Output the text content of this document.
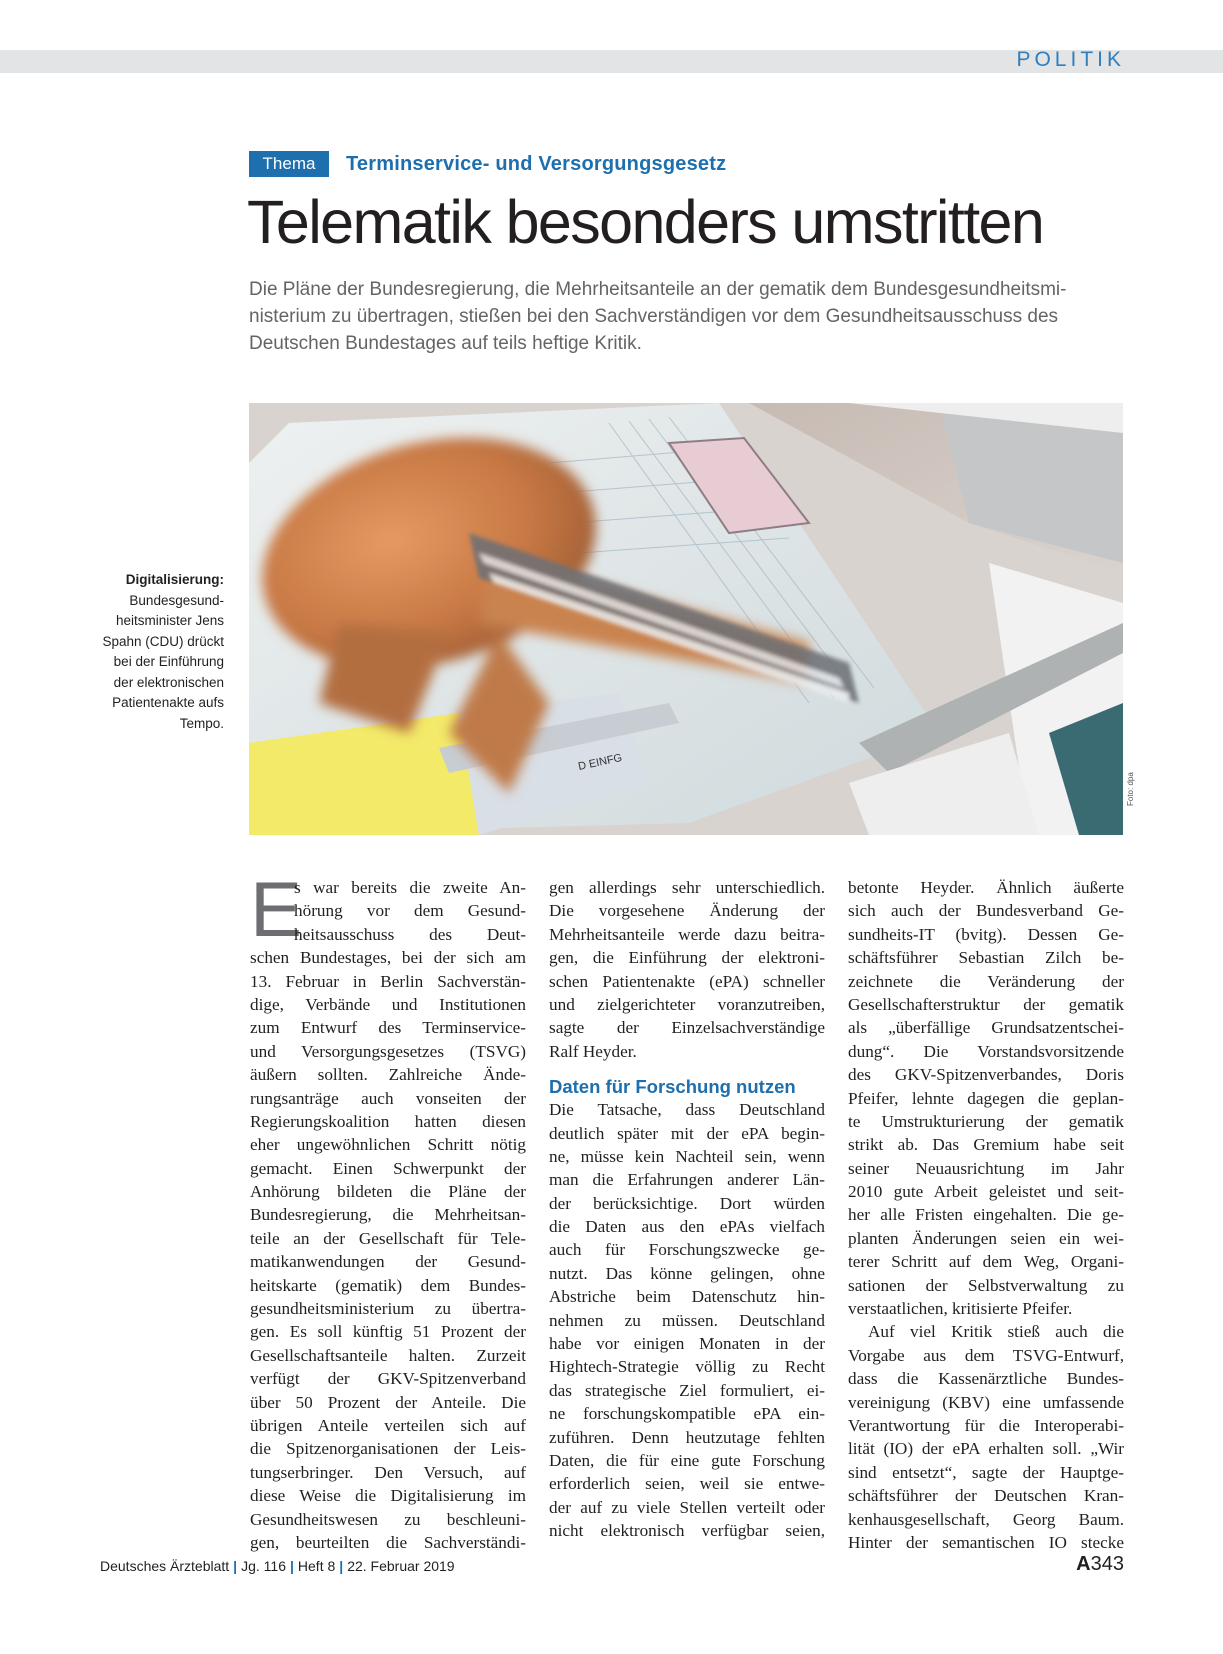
POLITIK
Thema	Terminservice- und Versorgungsgesetz
Telematik besonders umstritten
Die Pläne der Bundesregierung, die Mehrheitsanteile an der gematik dem Bundesgesundheitsmi-
nisterium zu übertragen, stießen bei den Sachverständigen vor dem Gesundheitsausschuss des
Deutschen Bundestages auf teils heftige Kritik.
D EINFG
Foto: dpa
Digitalisierung:
Bundesgesund-
heitsminister Jens
Spahn (CDU) drückt
bei der Einführung
der elektronischen
Patientenakte aufs
Tempo.
E
s war bereits die zweite An-
hörung vor dem Gesund-
heitsausschuss des Deut-
schen Bundestages, bei der sich am
13. Februar in Berlin Sachverstän-
dige, Verbände und Institutionen
zum Entwurf des Terminservice-
und Versorgungsgesetzes (TSVG)
äußern sollten. Zahlreiche Ände-
rungsanträge auch vonseiten der
Regierungskoalition hatten diesen
eher ungewöhnlichen Schritt nötig
gemacht. Einen Schwerpunkt der
Anhörung bildeten die Pläne der
Bundesregierung, die Mehrheitsan-
teile an der Gesellschaft für Tele-
matikanwendungen der Gesund-
heitskarte (gematik) dem Bundes-
gesundheitsministerium zu übertra-
gen. Es soll künftig 51 Prozent der
Gesellschaftsanteile halten. Zurzeit
verfügt der GKV-Spitzenverband
über 50 Prozent der Anteile. Die
übrigen Anteile verteilen sich auf
die Spitzenorganisationen der Leis-
tungserbringer. Den Versuch, auf
diese Weise die Digitalisierung im
Gesundheitswesen zu beschleuni-
gen, beurteilten die Sachverständi-
gen allerdings sehr unterschiedlich.
Die vorgesehene Änderung der
Mehrheitsanteile werde dazu beitra-
gen, die Einführung der elektroni-
schen Patientenakte (ePA) schneller
und zielgerichteter voranzutreiben,
sagte der Einzelsachverständige
Ralf Heyder.
Daten für Forschung nutzen
Die Tatsache, dass Deutschland
deutlich später mit der ePA begin-
ne, müsse kein Nachteil sein, wenn
man die Erfahrungen anderer Län-
der berücksichtige. Dort würden
die Daten aus den ePAs vielfach
auch für Forschungszwecke ge-
nutzt. Das könne gelingen, ohne
Abstriche beim Datenschutz hin-
nehmen zu müssen. Deutschland
habe vor einigen Monaten in der
Hightech-Strategie völlig zu Recht
das strategische Ziel formuliert, ei-
ne forschungskompatible ePA ein-
zuführen. Denn heutzutage fehlten
Daten, die für eine gute Forschung
erforderlich seien, weil sie entwe-
der auf zu viele Stellen verteilt oder
nicht elektronisch verfügbar seien,
betonte Heyder. Ähnlich äußerte
sich auch der Bundesverband Ge-
sundheits-IT (bvitg). Dessen Ge-
schäftsführer Sebastian Zilch be-
zeichnete die Veränderung der
Gesellschafterstruktur der gematik
als „überfällige Grundsatzentschei-
dung“. Die Vorstandsvorsitzende
des GKV-Spitzenverbandes, Doris
Pfeifer, lehnte dagegen die geplan-
te Umstrukturierung der gematik
strikt ab. Das Gremium habe seit
seiner Neuausrichtung im Jahr
2010 gute Arbeit geleistet und seit-
her alle Fristen eingehalten. Die ge-
planten Änderungen seien ein wei-
terer Schritt auf dem Weg, Organi-
sationen der Selbstverwaltung zu
verstaatlichen, kritisierte Pfeifer.
Auf viel Kritik stieß auch die
Vorgabe aus dem TSVG-Entwurf,
dass die Kassenärztliche Bundes-
vereinigung (KBV) eine umfassende
Verantwortung für die Interoperabi-
lität (IO) der ePA erhalten soll. „Wir
sind entsetzt“, sagte der Hauptge-
schäftsführer der Deutschen Kran-
kenhausgesellschaft, Georg Baum.
Hinter der semantischen IO stecke
Deutsches Ärzteblatt | Jg. 116 | Heft 8 | 22. Februar 2019	A343
